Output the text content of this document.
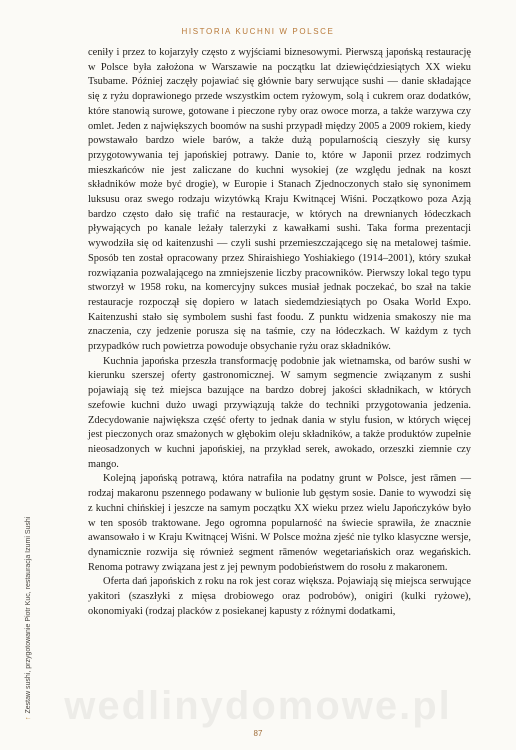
HISTORIA KUCHNI W POLSCE

ceniły i przez to kojarzyły często z wyjściami biznesowymi. Pierwszą japońską restaurację w Polsce była założona w Warszawie na początku lat dziewięćdziesiątych XX wieku Tsubame. Później zaczęły pojawiać się głównie bary serwujące sushi — danie składające się z ryżu doprawionego przede wszystkim octem ryżowym, solą i cukrem oraz dodatków, które stanowią surowe, gotowane i pieczone ryby oraz owoce morza, a także warzywa czy omlet. Jeden z największych boomów na sushi przypadł między 2005 a 2009 rokiem, kiedy powstawało bardzo wiele barów, a także dużą popularnością cieszyły się kursy przygotowywania tej japońskiej potrawy. Danie to, które w Japonii przez rodzimych mieszkańców nie jest zaliczane do kuchni wysokiej (ze względu jednak na koszt składników może być drogie), w Europie i Stanach Zjednoczonych stało się synonimem luksusu oraz swego rodzaju wizytówką Kraju Kwitnącej Wiśni. Początkowo poza Azją bardzo często dało się trafić na restauracje, w których na drewnianych łódeczkach pływających po kanale leżały talerzyki z kawałkami sushi. Taka forma prezentacji wywodziła się od kaitenzushi — czyli sushi przemieszczającego się na metalowej taśmie. Sposób ten został opracowany przez Shiraishiego Yoshiakiego (1914–2001), który szukał rozwiązania pozwalającego na zmniejszenie liczby pracowników. Pierwszy lokal tego typu stworzył w 1958 roku, na komercyjny sukces musiał jednak poczekać, bo szał na takie restauracje rozpoczął się dopiero w latach siedemdziesiątych po Osaka World Expo. Kaitenzushi stało się symbolem sushi fast foodu. Z punktu widzenia smakoszy nie ma znaczenia, czy jedzenie porusza się na taśmie, czy na łódeczkach. W każdym z tych przypadków ruch powietrza powoduje obsychanie ryżu oraz składników.

Kuchnia japońska przeszła transformację podobnie jak wietnamska, od barów sushi w kierunku szerszej oferty gastronomicznej. W samym segmencie związanym z sushi pojawiają się też miejsca bazujące na bardzo dobrej jakości składnikach, w których szefowie kuchni dużo uwagi przywiązują także do techniki przygotowania jedzenia. Zdecydowanie największa część oferty to jednak dania w stylu fusion, w których więcej jest pieczonych oraz smażonych w głębokim oleju składników, a także produktów zupełnie nieosadzonych w kuchni japońskiej, na przykład serek, awokado, orzeszki ziemnie czy mango.

Kolejną japońską potrawą, która natrafiła na podatny grunt w Polsce, jest rāmen — rodzaj makaronu pszennego podawany w bulionie lub gęstym sosie. Danie to wywodzi się z kuchni chińskiej i jeszcze na samym początku XX wieku przez wielu Japończyków było w ten sposób traktowane. Jego ogromna popularność na świecie sprawiła, że znacznie awansowało i w Kraju Kwitnącej Wiśni. W Polsce można zjeść nie tylko klasyczne wersje, dynamicznie rozwija się również segment rāmenów wegetariańskich oraz wegańskich. Renoma potrawy związana jest z jej pewnym podobieństwem do rosołu z makaronem.

Oferta dań japońskich z roku na rok jest coraz większa. Pojawiają się miejsca serwujące yakitori (szaszłyki z mięsa drobiowego oraz podrobów), onigiri (kulki ryżowe), okonomiyaki (rodzaj placków z posiekanej kapusty z różnymi dodatkami,

↑Zestaw sushi, przygotowanie Piotr Kuc, restauracja Izumi Sushi wedlinydomowe.pl
87
